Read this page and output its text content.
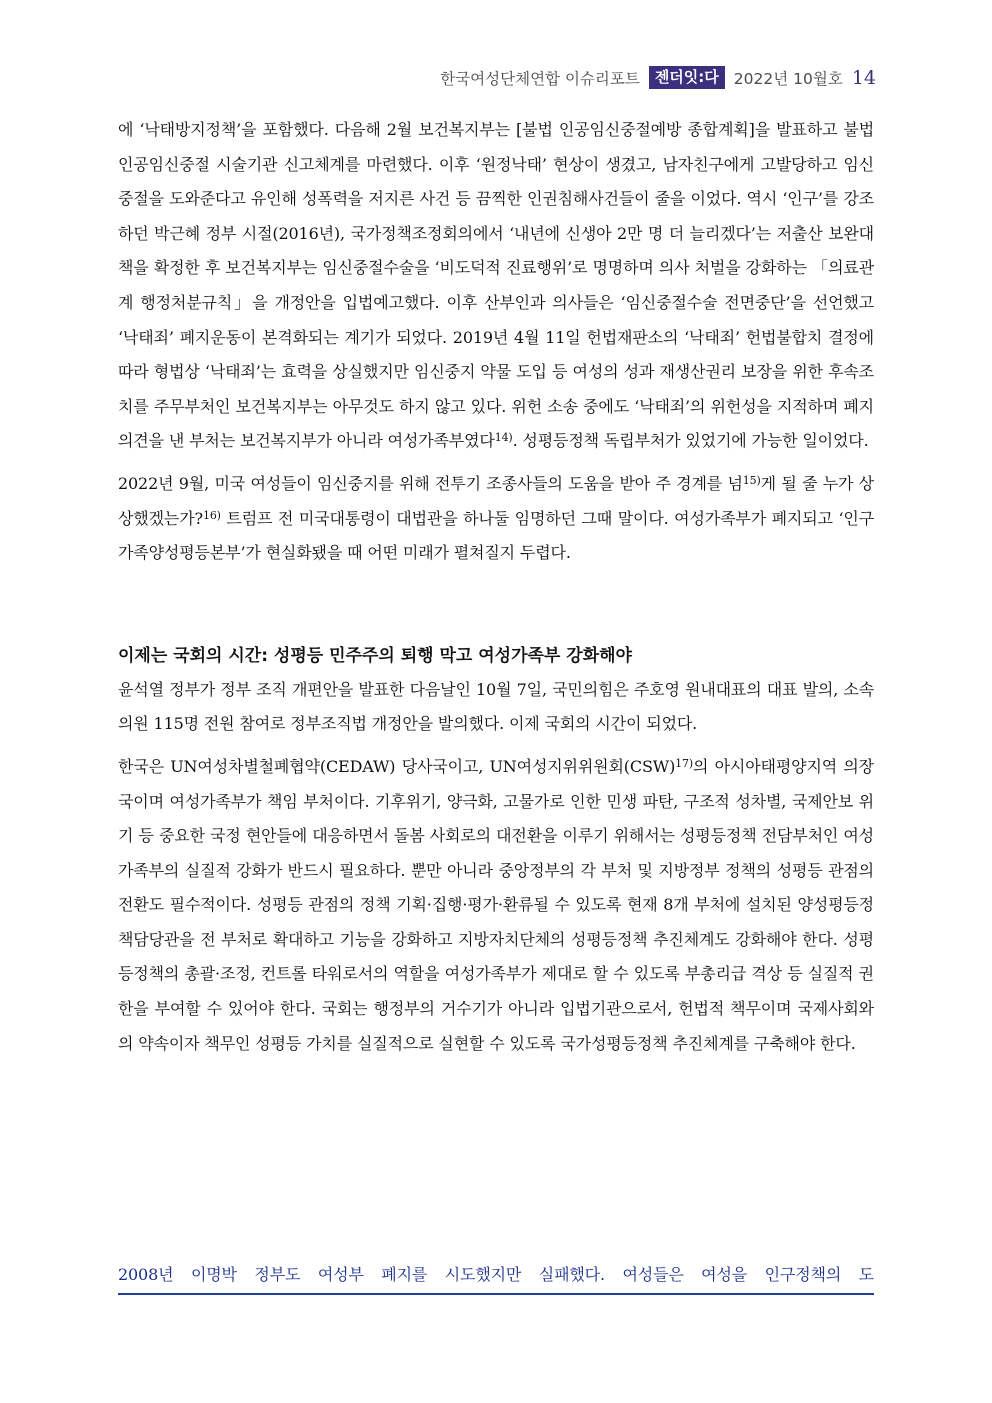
한국여성단체연합 이슈리포트	젠더잇:다 2022년 10월호 14

에 ‘낙태방지정책’을 포함했다. 다음해 2월 보건복지부는 [불법 인공임신중절예방 종합계획]을 발표하고 불법 인공임신중절 시술기관 신고체계를 마련했다. 이후 ‘원정낙태’ 현상이 생겼고, 남자친구에게 고발당하고 임신중절을 도와준다고 유인해 성폭력을 저지른 사건 등 끔찍한 인권침해사건들이 줄을 이었다. 역시 ‘인구’를 강조하던 박근혜 정부 시절(2016년), 국가정책조정회의에서 ‘내년에 신생아 2만 명 더 늘리겠다’는 저출산 보완대책을 확정한 후 보건복지부는 임신중절수술을 ‘비도덕적 진료행위’로 명명하며 의사 처벌을 강화하는 「의료관계 행정처분규칙」을 개정안을 입법예고했다. 이후 산부인과 의사들은 ‘임신중절수술 전면중단’을 선언했고 ‘낙태죄’ 폐지운동이 본격화되는 계기가 되었다. 2019년 4월 11일 헌법재판소의 ‘낙태죄’ 헌법불합치 결정에 따라 형법상 ‘낙태죄’는 효력을 상실했지만 임신중지 약물 도입 등 여성의 성과 재생산권리 보장을 위한 후속조치를 주무부처인 보건복지부는 아무것도 하지 않고 있다. 위헌 소송 중에도 ‘낙태죄’의 위헌성을 지적하며 폐지 의견을 낸 부처는 보건복지부가 아니라 여성가족부였다$^{14)}$. 성평등정책 독립부처가 있었기에 가능한 일이었다.

2022년 9월, 미국 여성들이 임신중지를 위해 전투기 조종사들의 도움을 받아 주 경계를 넘$^{15)}$게 될 줄 누가 상상했겠는가?$^{16)}$ 트럼프 전 미국대통령이 대법관을 하나둘 임명하던 그때 말이다. 여성가족부가 폐지되고 ‘인구가족양성평등본부’가 현실화됐을 때 어떤 미래가 펼쳐질지 두렵다.

이제는 국회의 시간: 성평등 민주주의 퇴행 막고 여성가족부 강화해야

윤석열 정부가 정부 조직 개편안을 발표한 다음날인 10월 7일, 국민의힘은 주호영 원내대표의 대표 발의, 소속 의원 115명 전원 참여로 정부조직법 개정안을 발의했다. 이제 국회의 시간이 되었다.

한국은 UN여성차별철폐협약(CEDAW) 당사국이고, UN여성지위위원회(CSW)$^{17)}$의 아시아태평양지역 의장국이며 여성가족부가 책임 부처이다. 기후위기, 양극화, 고물가로 인한 민생 파탄, 구조적 성차별, 국제안보 위기 등 중요한 국정 현안들에 대응하면서 돌봄 사회로의 대전환을 이루기 위해서는 성평등정책 전담부처인 여성가족부의 실질적 강화가 반드시 필요하다. 뿐만 아니라 중앙정부의 각 부처 및 지방정부 정책의 성평등 관점의 전환도 필수적이다. 성평등 관점의 정책 기획·집행·평가·환류될 수 있도록 현재 8개 부처에 설치된 양성평등정책담당관을 전 부처로 확대하고 기능을 강화하고 지방자치단체의 성평등정책 추진체계도 강화해야 한다. 성평등정책의 총괄·조정, 컨트롤 타워로서의 역할을 여성가족부가 제대로 할 수 있도록 부총리급 격상 등 실질적 권한을 부여할 수 있어야 한다. 국회는 행정부의 거수기가 아니라 입법기관으로서, 헌법적 책무이며 국제사회와의 약속이자 책무인 성평등 가치를 실질적으로 실현할 수 있도록 국가성평등정책 추진체계를 구축해야 한다.

2008년 이명박 정부도 여성부 폐지를 시도했지만 실패했다. 여성들은 여성을 인구정책의 도
